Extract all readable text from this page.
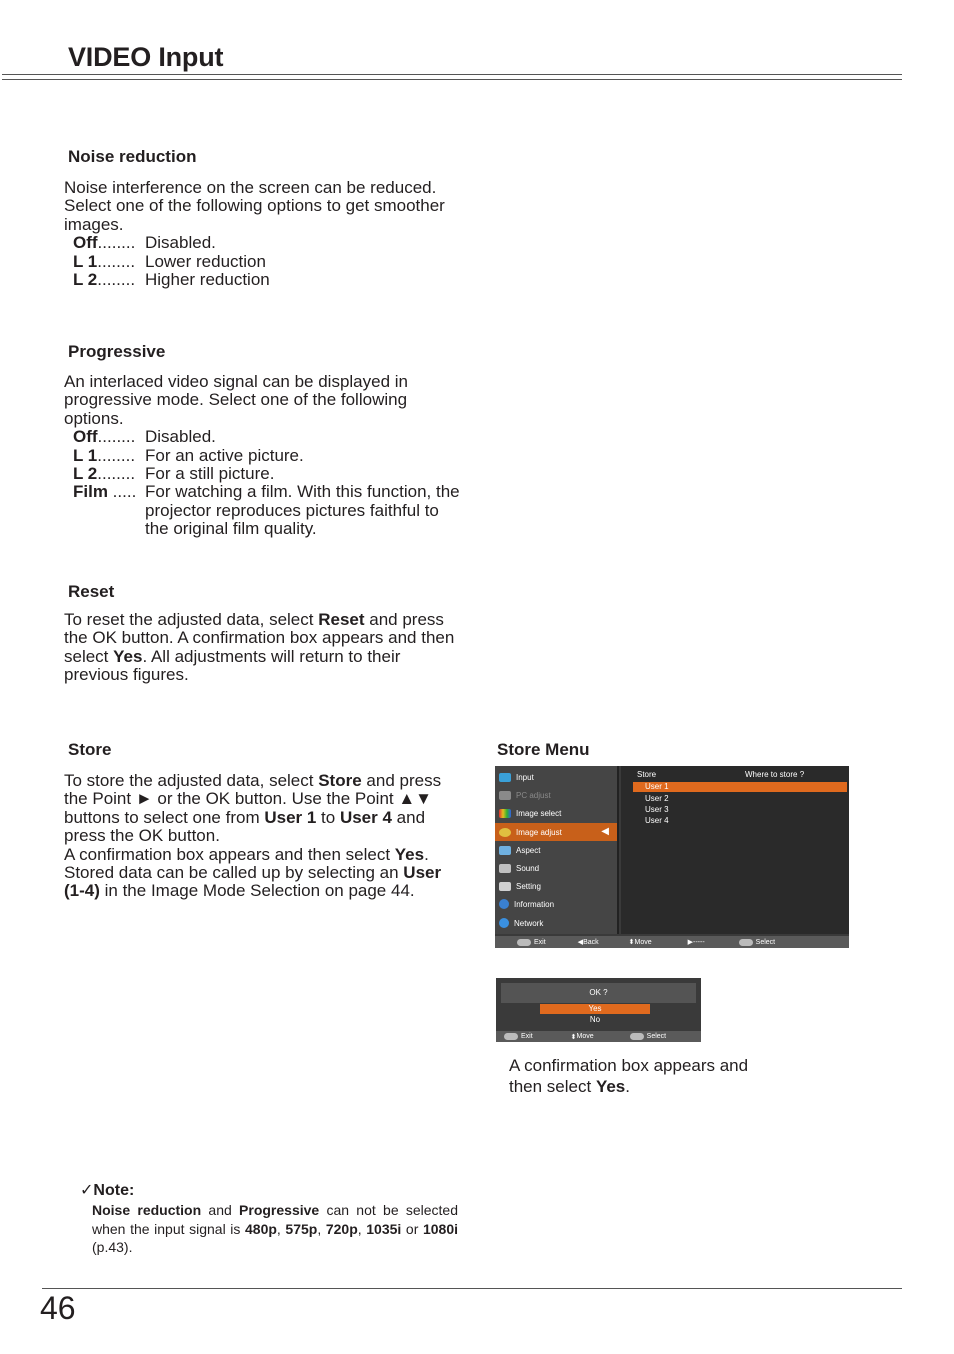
VIDEO Input
Noise reduction

Noise interference on the screen can be reduced. Select one of the following options to get smoother images.

Off........ Disabled.
L 1........ Lower reduction
L 2........ Higher reduction
Progressive

An interlaced video signal can be displayed in progressive mode. Select one of the following options.

Off........ Disabled.
L 1........ For an active picture.
L 2........ For a still picture.
Film ..... For watching a film. With this function, the projector reproduces pictures faithful to the original film quality.
Reset

To reset the adjusted data, select Reset and press the OK button. A confirmation box appears and then select Yes. All adjustments will return to their previous figures.

Store

To store the adjusted data, select Store and press the Point ► or the OK button. Use the Point ▲▼ buttons to select one from User 1 to User 4 and press the OK button.

A confirmation box appears and then select Yes. Stored data can be called up by selecting an User (1-4) in the Image Mode Selection on page 44.

Store Menu
Input
PC adjust
Image select
Image adjust	◀
Aspect
Sound
Setting
Information
Network
Store	Where to store ?
User 1
User 2
User 3
User 4
Exit	◀ Back	⬍ Move	▶-----	Select
OK ?
Yes
No
Exit	⬍ Move	Select
A confirmation box appears and then select Yes.
✓Note:
Noise reduction and Progressive can not be selected when the input signal is 480p, 575p, 720p, 1035i or 1080i (p.43).
46
